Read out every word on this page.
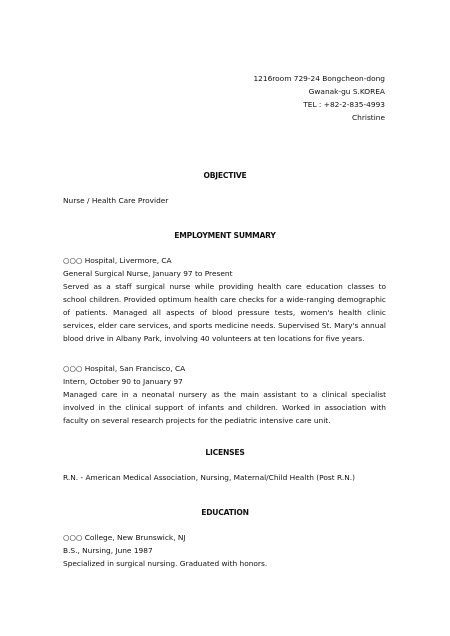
1216room 729-24 Bongcheon-dong
Gwanak-gu S.KOREA
TEL : +82-2-835-4993
Christine
OBJECTIVE
Nurse / Health Care Provider
EMPLOYMENT SUMMARY
○○○ Hospital, Livermore, CA
General Surgical Nurse, January 97 to Present
Served as a staff surgical nurse while providing health care education classes to school children. Provided optimum health care checks for a wide-ranging demographic of patients. Managed all aspects of blood pressure tests, women's health clinic services, elder care services, and sports medicine needs. Supervised St. Mary's annual blood drive in Albany Park, involving 40 volunteers at ten locations for five years.
○○○ Hospital, San Francisco, CA
Intern, October 90 to January 97
Managed care in a neonatal nursery as the main assistant to a clinical specialist involved in the clinical support of infants and children. Worked in association with faculty on several research projects for the pediatric intensive care unit.
LICENSES
R.N. - American Medical Association, Nursing, Maternal/Child Health (Post R.N.)
EDUCATION
○○○ College, New Brunswick, NJ
B.S., Nursing, June 1987
Specialized in surgical nursing. Graduated with honors.
